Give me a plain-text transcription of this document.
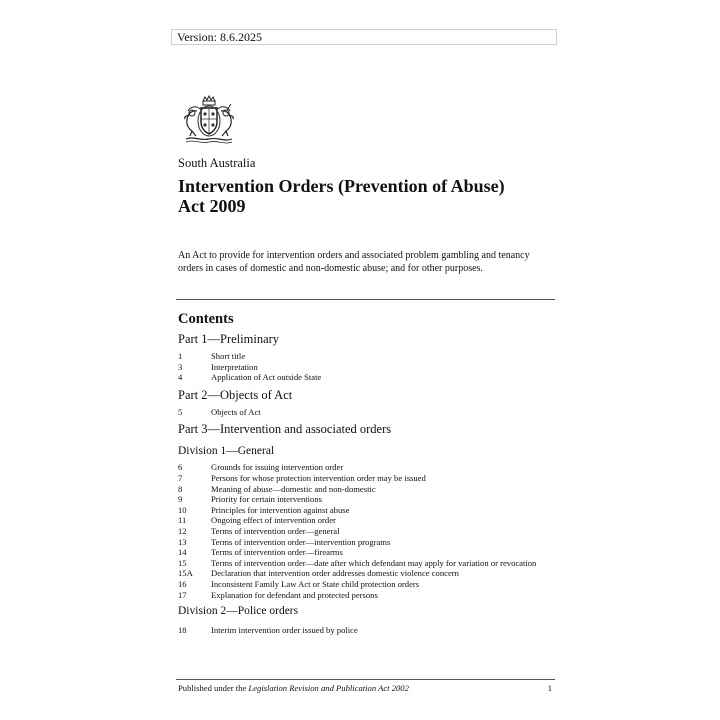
Version: 8.6.2025
South Australia
Intervention Orders (Prevention of Abuse)
Act 2009

An Act to provide for intervention orders and associated problem gambling and tenancy orders in cases of domestic and non-domestic abuse; and for other purposes.

Contents
Part 1—Preliminary
1	Short title
3	Interpretation
4	Application of Act outside State
Part 2—Objects of Act
5	Objects of Act
Part 3—Intervention and associated orders
Division 1—General
6	Grounds for issuing intervention order
7	Persons for whose protection intervention order may be issued
8	Meaning of abuse—domestic and non-domestic
9	Priority for certain interventions
10	Principles for intervention against abuse
11	Ongoing effect of intervention order
12	Terms of intervention order—general
13	Terms of intervention order—intervention programs
14	Terms of intervention order—firearms
15	Terms of intervention order—date after which defendant may apply for variation or revocation
15A	Declaration that intervention order addresses domestic violence concern
16	Inconsistent Family Law Act or State child protection orders
17	Explanation for defendant and protected persons
Division 2—Police orders
18	Interim intervention order issued by police
Published under the Legislation Revision and Publication Act 2002	1
